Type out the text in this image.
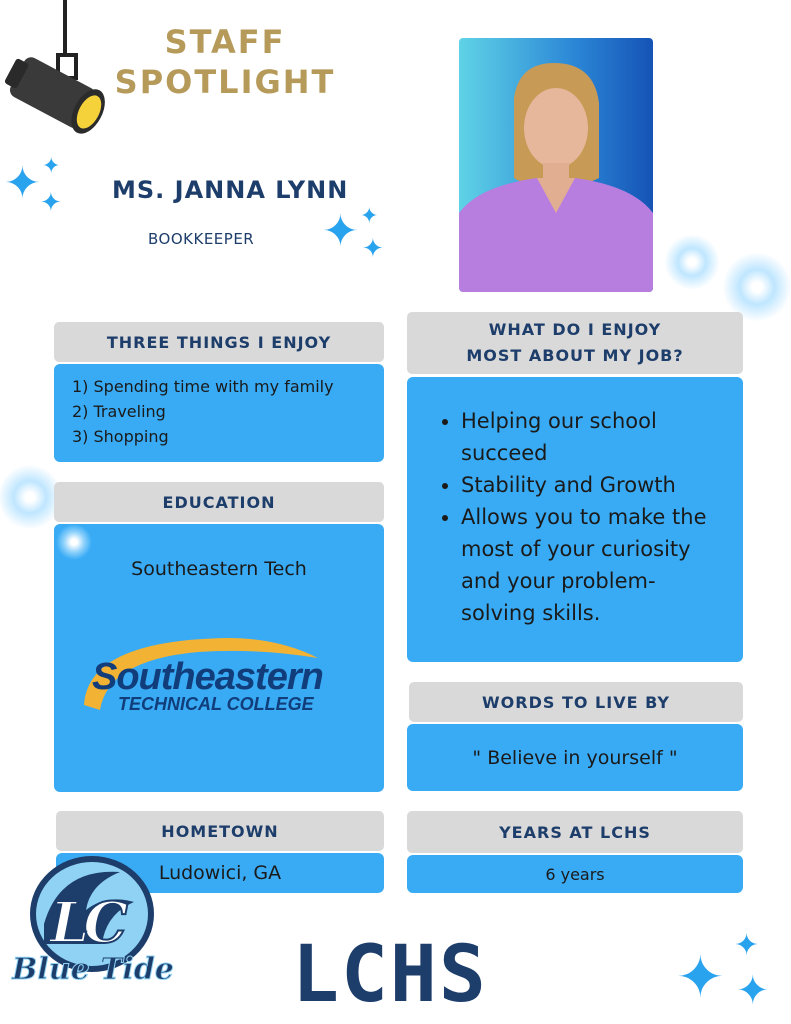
STAFF
SPOTLIGHT
✦ ✦
✦
✦ ✦
✦
MS. JANNA LYNN
BOOKKEEPER
THREE THINGS I ENJOY
1) Spending time with my family
2) Traveling
3) Shopping
WHAT DO I ENJOY
MOST ABOUT MY JOB?
• Helping our school succeed
• Stability and Growth
• Allows you to make the most of your curiosity and your problem-solving skills.
EDUCATION
Southeastern Tech
Southeastern
TECHNICAL COLLEGE	WORDS TO LIVE BY
" Believe in yourself "
HOMETOWN
Ludowici, GA
YEARS AT LCHS
6 years
LC
Blue Tide LCHS	✦ ✦
✦
